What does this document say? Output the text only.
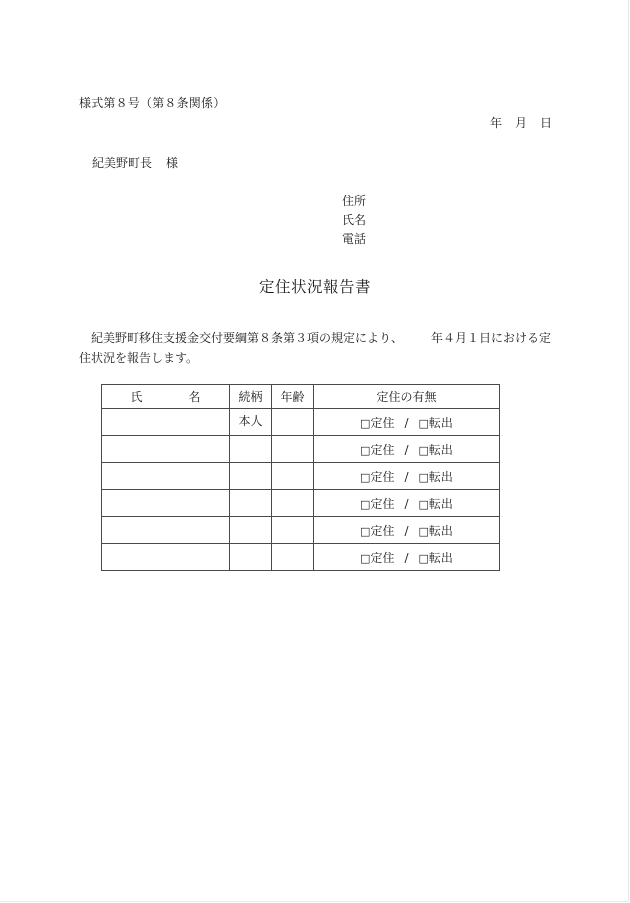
様式第８号（第８条関係）
年 月 日
紀美野町長 様
住所
氏名
電話
定住状況報告書
紀美野町移住支援金交付要綱第８条第３項の規定により、 年４月１日における定
住状況を報告します。
氏 名	続柄	年齢	定住の有無
	本人		□定住 / □転出
			□定住 / □転出
			□定住 / □転出
			□定住 / □転出
			□定住 / □転出
			□定住 / □転出
